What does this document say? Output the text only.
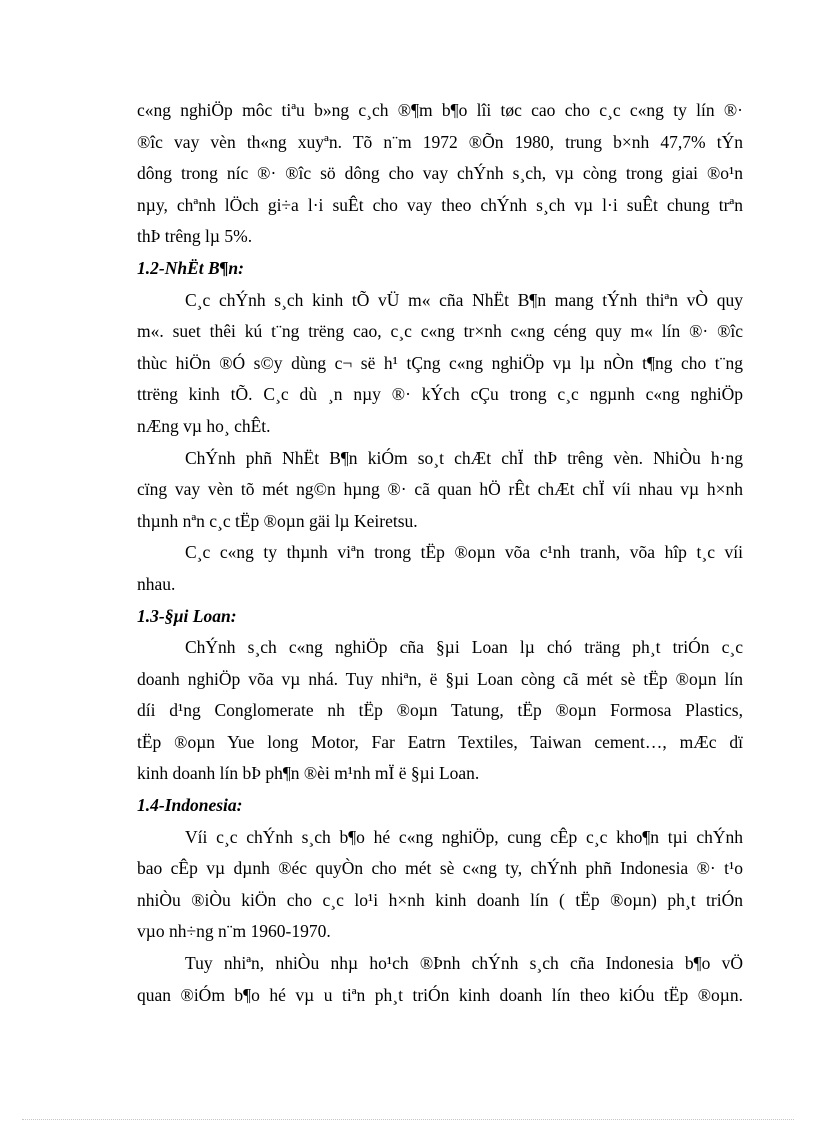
c«ng nghiÖp môc tiªu b»ng c¸ch ®¶m b¶o lîi tøc cao cho c¸c c«ng ty lín ®·
®îc vay vèn th«ng xuyªn. Tõ n¨m 1972 ®Õn 1980, trung b×nh 47,7% tÝn
dông trong níc ®· ®îc sö dông cho vay chÝnh s¸ch, vµ còng trong giai ®o¹n
nµy, chªnh lÖch gi÷a l·i suÊt cho vay theo chÝnh s¸ch vµ l·i suÊt chung trªn
thÞ trêng lµ 5%.
1.2-NhËt B¶n:
C¸c chÝnh s¸ch kinh tÕ vÜ m« cña NhËt B¶n mang tÝnh thiªn vÒ quy
m«. suet thêi kú t¨ng trëng cao, c¸c c«ng tr×nh c«ng céng quy m« lín ®· ®îc
thùc hiÖn ®Ó s©y dùng c¬ së h¹ tÇng c«ng nghiÖp vµ lµ nÒn t¶ng cho t¨ng
ttrëng kinh tÕ. C¸c dù ¸n nµy ®· kÝch cÇu trong c¸c ngµnh c«ng nghiÖp
nÆng vµ ho¸ chÊt.
ChÝnh phñ NhËt B¶n kiÓm so¸t chÆt chÏ thÞ trêng vèn. NhiÒu h·ng
cïng vay vèn tõ mét ng©n hµng ®· cã quan hÖ rÊt chÆt chÏ víi nhau vµ h×nh
thµnh nªn c¸c tËp ®oµn gäi lµ Keiretsu.
C¸c c«ng ty thµnh viªn trong tËp ®oµn võa c¹nh tranh, võa hîp t¸c víi
nhau.
1.3-§µi Loan:
ChÝnh s¸ch c«ng nghiÖp cña §µi Loan lµ chó träng ph¸t triÓn c¸c
doanh nghiÖp võa vµ nhá. Tuy nhiªn, ë §µi Loan còng cã mét sè tËp ®oµn lín
díi d¹ng Conglomerate nh tËp ®oµn Tatung, tËp ®oµn Formosa Plastics,
tËp ®oµn Yue long Motor, Far Eatrn Textiles, Taiwan cement…, mÆc dï
kinh doanh lín bÞ ph¶n ®èi m¹nh mÏ ë §µi Loan.
1.4-Indonesia:
Víi c¸c chÝnh s¸ch b¶o hé c«ng nghiÖp, cung cÊp c¸c kho¶n tµi chÝnh
bao cÊp vµ dµnh ®éc quyÒn cho mét sè c«ng ty, chÝnh phñ Indonesia ®· t¹o
nhiÒu ®iÒu kiÖn cho c¸c lo¹i h×nh kinh doanh lín ( tËp ®oµn) ph¸t triÓn
vµo nh÷ng n¨m 1960-1970.
Tuy nhiªn, nhiÒu nhµ ho¹ch ®Þnh chÝnh s¸ch cña Indonesia b¶o vÖ
quan ®iÓm b¶o hé vµ u tiªn ph¸t triÓn kinh doanh lín theo kiÓu tËp ®oµn.
